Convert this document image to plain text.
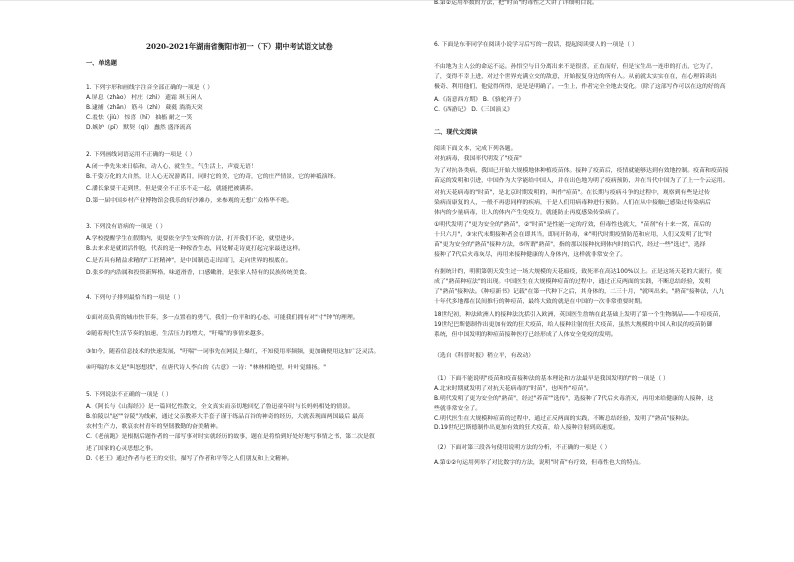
2020-2021年湖南省衡阳市初一（下）期中考试语文试卷
一、单选题
1. 下列字形和画线字注音全部正确的一项是（ ）
A.屏息（zhào） 村庄（zhì） 遗霜 琪玉闲人
B.逮捕（zhān） 筋斗（zhì） 葳蕤 淌淌天突
C.羞怯（jiù） 惊喜（hī） 抽搐 耐之一笑
D.嫉妒（pī） 默契（qì） 蠢然 盛泽流高
2. 下列画线词语运用不正确的一项是（ ）
A.闭一季先朱来日临和，动人心，就生生，气生活上，声震无语！
B.千姿万化的大自然，让人心无况游离目，同时它的美，它的奇，它的庄严情景，它的神祗演绎。
C.潘长象要干走到世，但是要全不正乐不走一起，就能把被满养。
D.第一届中国乡村产业博物馆会我乐的好沙滩办，来参观的无想广众格华不绝。
3. 下列没有语病的一项是（ ）
A.学校提醒学生在假期内，更要依全学生安辉的方法，打开我们不论，就望进步。
B.去来求是就团活作胞，代表的是一种嫁香生态，同处解走诗更打起完家最进这样。
C.是否具有精益求精的"工匠精神"，是中国制造走出国门，走向世界的根底在。
D.张乡的内浩属和投资新辉格，味道滑香，口感嫩滑，是张家人特有的民族传统美食。
4. 下列句子排列最恰当的一项是（ ）
①面对高负荷的城市快节奏，多一点置看的勇气，我们一份平和的心态，可能我们拥有对"寸"钟"的理理。
②随着现代生活节奏的加速，生活压力的增大，"吁喘"的事情来越多。
③如今，随着信息技术的快速发展，"吁喘"一词事先在网民上爆红，不知使用率频频，更加确便用这加广泛灵活。
④吁喘的本义是"叫怒想找"，在唐代诗人李白的《古意》一诗："林林相绝望，叶叶觉鼎扬。"
5. 下列说法不正确的一项是（ ）
A.《阿长与《山海经》》是一篇回忆性散文，全文真实而亲切地回忆了鲁迅童年时与长妈妈相处的情景。
B.伯陵以"赵""谷陵"为线索，通过父亲教养大手套子谨于练品百谷的神奇的经历，大就表现面两国最后 最高
农村生产力，歌哀农村青年的坚韧教勤的奋美精神。
C.《老前跑》是根据后题作者的一部写事对时实就经历的故事，题在是将恰到好处好地写事情之书，第二次是叙
述了国家的心灵思想之事。
D.《老王》通过作者与老王的交往，描写了作者和平等之人们朋友和上文精神。
6. 下面是东菲同学在阅读小说学习后写的一段话，提起阅读要人的一项是（ ）
不由地为主人公的命运不运。孙悟空与日分离出来不是很喜，正直而好，但是宝生出一连串的打击，它为了，
了，变得不幸上进，对过个世界充满立交的敌意，开始报复身边的所有人。从前就太实实在在，在心理诉读出
极奇、利用他们，他觉得所得，是是是明确了。一生上，作者完全全地去变化。（除了这部写作可以在这的好的高
A.《南意西方期》 B.《骆驼祥子》
C.《西游记》 D.《三国演义》
二、现代文阅读
阅读下面文本，完成下列各题。
对抗病毒，我国率代明发了"疫苗"
为了对抗各类病，我国已开始大规模地体种植疫苗体。接种了疫苗后，疫情就能够达到有效地控制。疫苗和疫苗接
苗运的发明和引进，中国作为大学能给中国人，并在出色地为明了疫病预防，并在当代中国为了了上一个云运用。
对抗天花病毒的"时苗"，是北京时期发明的，叫作"痘苗"。在长期与疫病斗争的过程中，观察到有些是过传
染病而康复的人，一般不再患同样的疾病，于是人们用病毒种进行预防。人们在从中接触已感染过传染病后
体内的少量病毒，让人的体内产生免疫力，就能防止再度感染传染病了。
①明代发明了"更为安全的"熟苗"，②"时苗"是性能一定的疗效，但毒性也就大，"苗剂"有十来一窝，苗后的
十只六月"，③宋代末期接种者会在即其当，即同开防毒，④"明代时期疫情防范和应用，人们又发明了比"时
苗"更为安全的"熟苗"接种方法，⑤所谓"熟苗"，指的那以接种抗到体内时的后代，经过一些"选过"，选择
接种了7代后火毒灰尽，再用来接种健康的人身体内，这样就非常安全了。
有据统计约，明朝第朝天发生过一场大规模的天花瘟疫，致死率在高达100%以上。正是这场天花的大流行，使
成了"熟苗种痘法"的出现。中国医生在大规模种痘苗的过程中，通过正反两面的实践，不断总结经验，发明
了"熟苗"接种法。《种痘新书》记载"在第一代种下之后，其身体的，二三十月，"就叫出来。"熟苗"接种法，八九
十年代多地都在民间推行的种痘苗，最终大致的就是在中国的一次非常重要时期。
18世纪初，种法欧洲人的接种法沈括引入欧洲，英国医生詹纳在此基础上发明了第一个生物制品——牛痘疫苗，
19世纪巴斯德制作出更加有效的狂犬疫苗，给人接种注射的狂犬疫苗，虽然大规模的中国人和民的疫苗防御
系统，但中国发明的种痘苗接种医疗已经形成了人体安全免疫的发明。
（选自《科普时报》稍立平，有改动）
（1）下面不能说明"疫苗和疫苗接种法的基本理论和方法最早是我国发明的"的一项是（ ）
A.北宋时期就发明了对抗天花病毒的"时苗"，也叫作"痘苗"。
B.明代发明了更为安全的"熟苗"，经过"养苗""选传"，选接种了7代后火毒消灭，再用来给健康的人接种，这
些就非常安全了。
C.明代医生在大规模种痘苗的过程中，通过正反两面的实践，不断总结经验，发明了"熟苗"接种法。
D.19世纪巴斯德制作出更加有效的狂犬疫苗，给人接种注射到高速度。
（2）下面对第三段各句使用说明方法的分析，不正确的一项是（ ）
A.第①②句运用列举了对比数字的方法，说明"时苗"有疗效，但毒性也大的特点。
B.第②运用举数的方法，把"时苗"的毒性之大讲了详细明白说。
